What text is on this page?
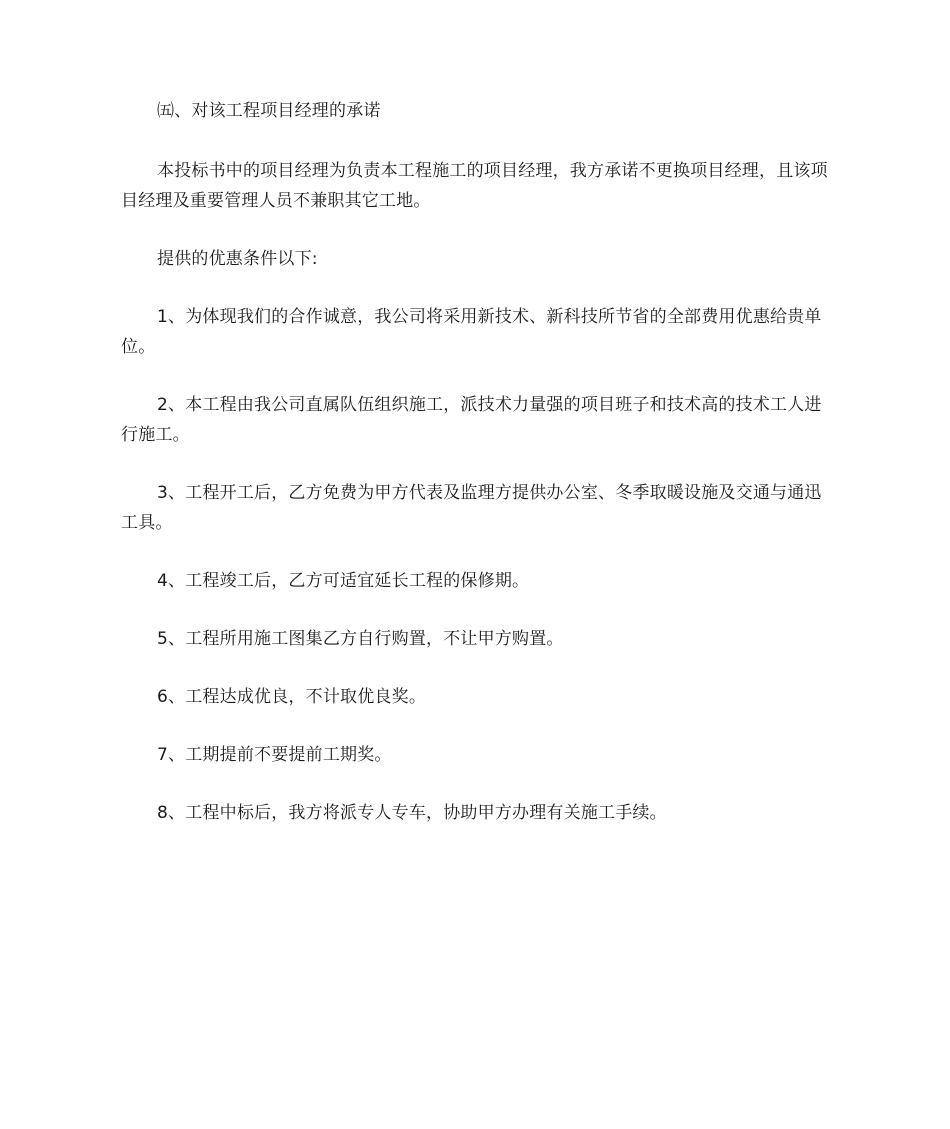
㈤、对该工程项目经理的承诺

本投标书中的项目经理为负责本工程施工的项目经理，我方承诺不更换项目经理，且该项目经理及重要管理人员不兼职其它工地。

提供的优惠条件以下:

1、为体现我们的合作诚意，我公司将采用新技术、新科技所节省的全部费用优惠给贵单位。

2、本工程由我公司直属队伍组织施工，派技术力量强的项目班子和技术高的技术工人进行施工。

3、工程开工后，乙方免费为甲方代表及监理方提供办公室、冬季取暖设施及交通与通迅工具。

4、工程竣工后，乙方可适宜延长工程的保修期。

5、工程所用施工图集乙方自行购置，不让甲方购置。

6、工程达成优良，不计取优良奖。

7、工期提前不要提前工期奖。

8、工程中标后，我方将派专人专车，协助甲方办理有关施工手续。
